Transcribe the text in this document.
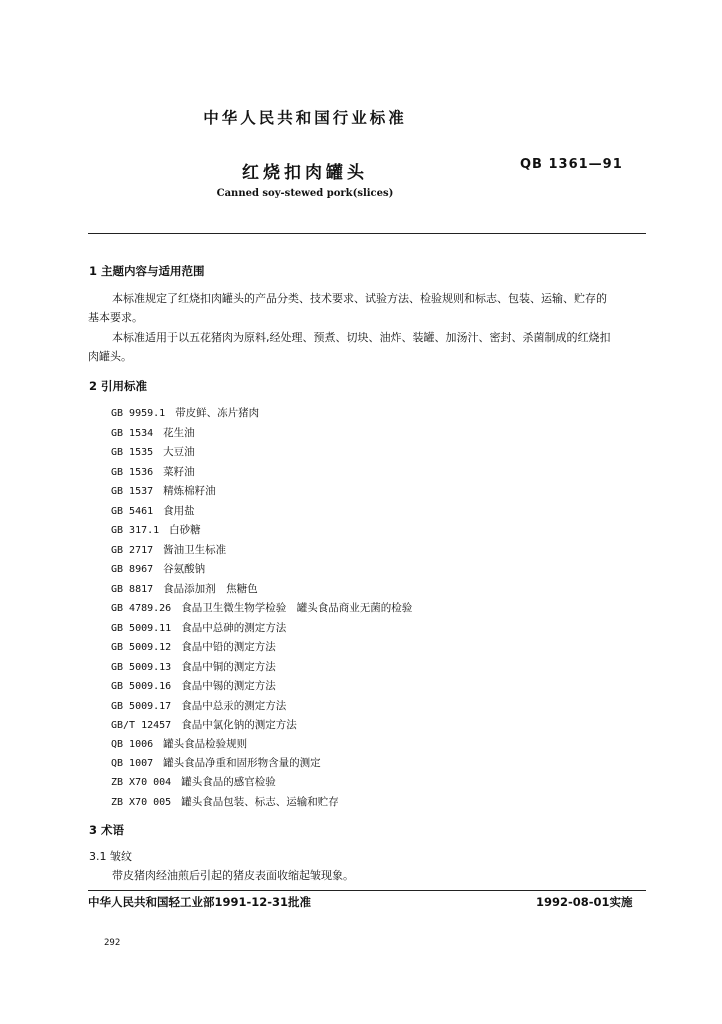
中华人民共和国行业标准
红烧扣肉罐头	QB 1361—91
Canned soy-stewed pork(slices)
1 主题内容与适用范围
本标准规定了红烧扣肉罐头的产品分类、技术要求、试验方法、检验规则和标志、包装、运输、贮存的
基本要求。
本标准适用于以五花猪肉为原料,经处理、预煮、切块、油炸、装罐、加汤汁、密封、杀菌制成的红烧扣
肉罐头。
2 引用标准
GB 9959.1 带皮鲜、冻片猪肉
GB 1534 花生油
GB 1535 大豆油
GB 1536 菜籽油
GB 1537 精炼棉籽油
GB 5461 食用盐
GB 317.1 白砂糖
GB 2717 酱油卫生标准
GB 8967 谷氨酸钠
GB 8817 食品添加剂　焦糖色
GB 4789.26 食品卫生微生物学检验　罐头食品商业无菌的检验
GB 5009.11 食品中总砷的测定方法
GB 5009.12 食品中铅的测定方法
GB 5009.13 食品中铜的测定方法
GB 5009.16 食品中锡的测定方法
GB 5009.17 食品中总汞的测定方法
GB/T 12457 食品中氯化钠的测定方法
QB 1006 罐头食品检验规则
QB 1007 罐头食品净重和固形物含量的测定
ZB X70 004 罐头食品的感官检验
ZB X70 005 罐头食品包装、标志、运输和贮存
3 术语
3.1 皱纹
带皮猪肉经油煎后引起的猪皮表面收缩起皱现象。
中华人民共和国轻工业部1991-12-31批准	1992-08-01实施
292
